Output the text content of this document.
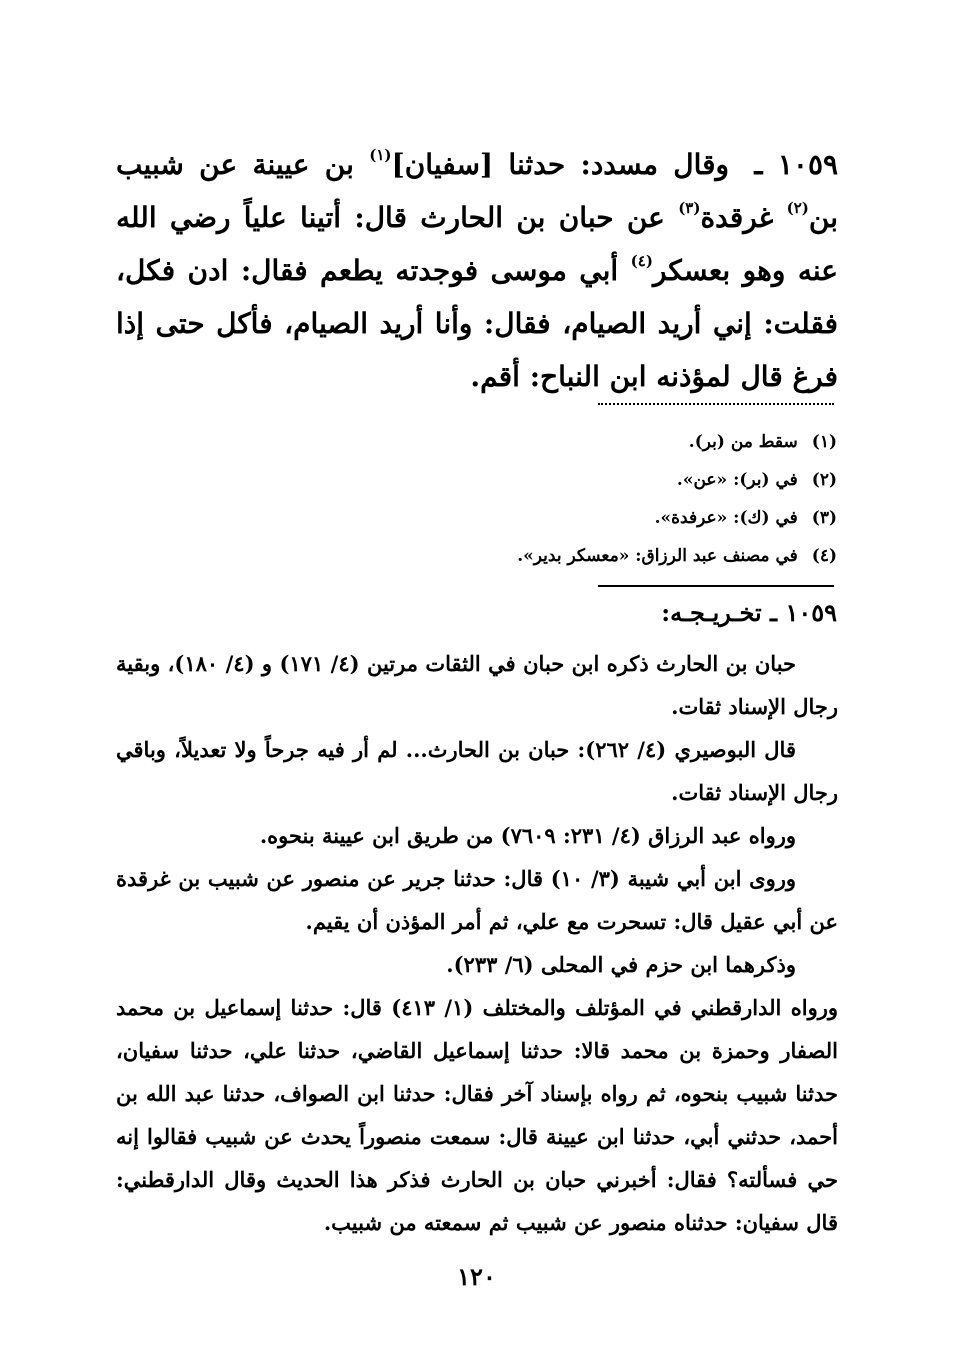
١٠٥٩ ـ وقال مسدد: حدثنا [سفيان]$^{(١)}$ بن عيينة عن شبيب بن$^{(٢)}$ غرقدة$^{(٣)}$ عن حبان بن الحارث قال: أتينا علياً رضي الله عنه وهو بعسكر$^{(٤)}$ أبي موسى فوجدته يطعم فقال: ادن فكل، فقلت: إني أريد الصيام، فقال: وأنا أريد الصيام، فأكل حتى إذا فرغ قال لمؤذنه ابن النباح: أقم.
(١)سقط من (بر).
(٢)في (بر): «عن».
(٣)في (ك): «عرفدة».
(٤)في مصنف عبد الرزاق: «معسكر بدير».
١٠٥٩ ـ تخـريـجـه:

حبان بن الحارث ذكره ابن حبان في الثقات مرتين (٤/ ١٧١) و (٤/ ١٨٠)، وبقية رجال الإسناد ثقات.

قال البوصيري (٤/ ٢٦٢): حبان بن الحارث... لم أر فيه جرحاً ولا تعديلاً، وباقي رجال الإسناد ثقات.

ورواه عبد الرزاق (٤/ ٢٣١: ٧٦٠٩) من طريق ابن عيينة بنحوه.

وروى ابن أبي شيبة (٣/ ١٠) قال: حدثنا جرير عن منصور عن شبيب بن غرقدة عن أبي عقيل قال: تسحرت مع علي، ثم أمر المؤذن أن يقيم.

وذكرهما ابن حزم في المحلى (٦/ ٢٣٣).

ورواه الدارقطني في المؤتلف والمختلف (١/ ٤١٣) قال: حدثنا إسماعيل بن محمد الصفار وحمزة بن محمد قالا: حدثنا إسماعيل القاضي، حدثنا علي، حدثنا سفيان، حدثنا شبيب بنحوه، ثم رواه بإسناد آخر فقال: حدثنا ابن الصواف، حدثنا عبد الله بن أحمد، حدثني أبي، حدثنا ابن عيينة قال: سمعت منصوراً يحدث عن شبيب فقالوا إنه حي فسألته؟ فقال: أخبرني حبان بن الحارث فذكر هذا الحديث وقال الدارقطني: قال سفيان: حدثناه منصور عن شبيب ثم سمعته من شبيب.

١٢٠
